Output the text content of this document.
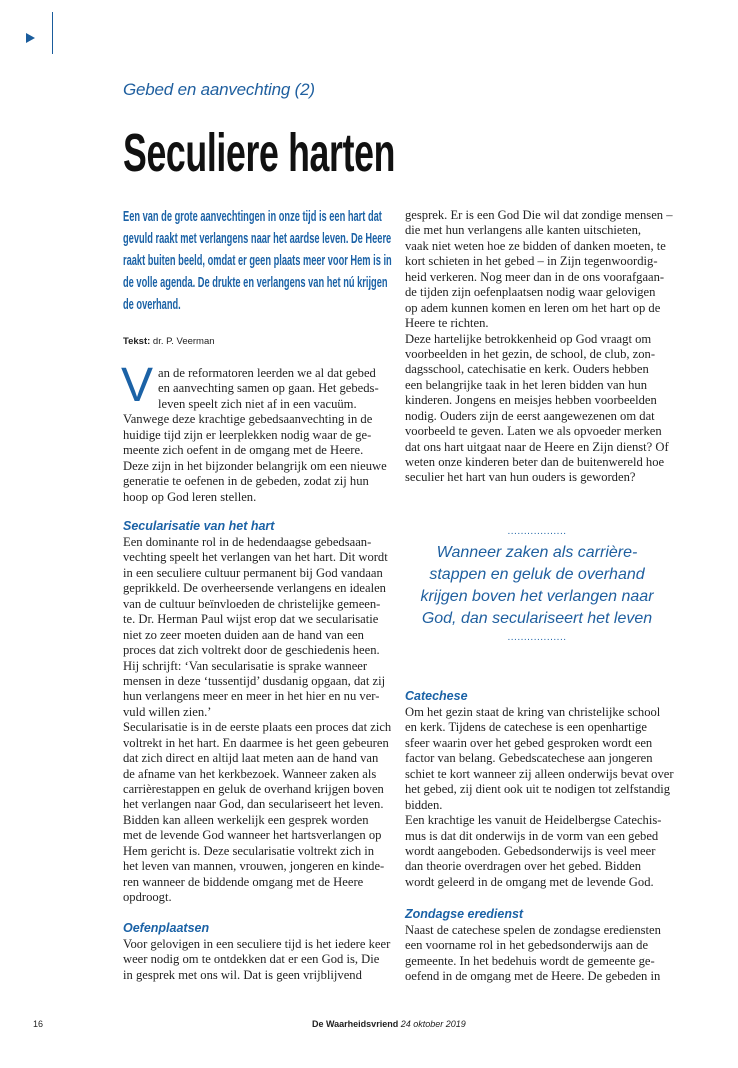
Gebed en aanvechting (2)
Seculiere harten
Een van de grote aanvechtingen in onze tijd is een hart dat
gevuld raakt met verlangens naar het aardse leven. De Heere
raakt buiten beeld, omdat er geen plaats meer voor Hem is in
de volle agenda. De drukte en verlangens van het nú krijgen
de overhand.
Tekst: dr. P. Veerman
V an de reformatoren leerden we al dat gebed
en aanvechting samen op gaan. Het gebeds-
leven speelt zich niet af in een vacuüm.
Vanwege deze krachtige gebedsaanvechting in de
huidige tijd zijn er leerplekken nodig waar de ge-
meente zich oefent in de omgang met de Heere.
Deze zijn in het bijzonder belangrijk om een nieuwe
generatie te oefenen in de gebeden, zodat zij hun
hoop op God leren stellen.
Secularisatie van het hart
Een dominante rol in de hedendaagse gebedsaan-
vechting speelt het verlangen van het hart. Dit wordt
in een seculiere cultuur permanent bij God vandaan
geprikkeld. De overheersende verlangens en idealen
van de cultuur beïnvloeden de christelijke gemeen-
te. Dr. Herman Paul wijst erop dat we secularisatie
niet zo zeer moeten duiden aan de hand van een
proces dat zich voltrekt door de geschiedenis heen.
Hij schrijft: ‘Van secularisatie is sprake wanneer
mensen in deze ‘tussentijd’ dusdanig opgaan, dat zij
hun verlangens meer en meer in het hier en nu ver-
vuld willen zien.’
Secularisatie is in de eerste plaats een proces dat zich
voltrekt in het hart. En daarmee is het geen gebeuren
dat zich direct en altijd laat meten aan de hand van
de afname van het kerkbezoek. Wanneer zaken als
carrièrestappen en geluk de overhand krijgen boven
het verlangen naar God, dan seculariseert het leven.
Bidden kan alleen werkelijk een gesprek worden
met de levende God wanneer het hartsverlangen op
Hem gericht is. Deze secularisatie voltrekt zich in
het leven van mannen, vrouwen, jongeren en kinde-
ren wanneer de biddende omgang met de Heere
opdroogt.
Oefenplaatsen
Voor gelovigen in een seculiere tijd is het iedere keer
weer nodig om te ontdekken dat er een God is, Die
in gesprek met ons wil. Dat is geen vrijblijvend
gesprek. Er is een God Die wil dat zondige mensen –
die met hun verlangens alle kanten uitschieten,
vaak niet weten hoe ze bidden of danken moeten, te
kort schieten in het gebed – in Zijn tegenwoordig-
heid verkeren. Nog meer dan in de ons voorafgaan-
de tijden zijn oefenplaatsen nodig waar gelovigen
op adem kunnen komen en leren om het hart op de
Heere te richten.
Deze hartelijke betrokkenheid op God vraagt om
voorbeelden in het gezin, de school, de club, zon-
dagsschool, catechisatie en kerk. Ouders hebben
een belangrijke taak in het leren bidden van hun
kinderen. Jongens en meisjes hebben voorbeelden
nodig. Ouders zijn de eerst aangewezenen om dat
voorbeeld te geven. Laten we als opvoeder merken
dat ons hart uitgaat naar de Heere en Zijn dienst? Of
weten onze kinderen beter dan de buitenwereld hoe
seculier het hart van hun ouders is geworden?
..................
Wanneer zaken als carrière-
stappen en geluk de overhand
krijgen boven het verlangen naar
God, dan seculariseert het leven
..................
Catechese
Om het gezin staat de kring van christelijke school
en kerk. Tijdens de catechese is een openhartige
sfeer waarin over het gebed gesproken wordt een
factor van belang. Gebedscatechese aan jongeren
schiet te kort wanneer zij alleen onderwijs bevat over
het gebed, zij dient ook uit te nodigen tot zelfstandig
bidden.
Een krachtige les vanuit de Heidelbergse Catechis-
mus is dat dit onderwijs in de vorm van een gebed
wordt aangeboden. Gebedsonderwijs is veel meer
dan theorie overdragen over het gebed. Bidden
wordt geleerd in de omgang met de levende God.
Zondagse eredienst
Naast de catechese spelen de zondagse erediensten
een voorname rol in het gebedsonderwijs aan de
gemeente. In het bedehuis wordt de gemeente ge-
oefend in de omgang met de Heere. De gebeden in
16	De Waarheidsvriend 24 oktober 2019
